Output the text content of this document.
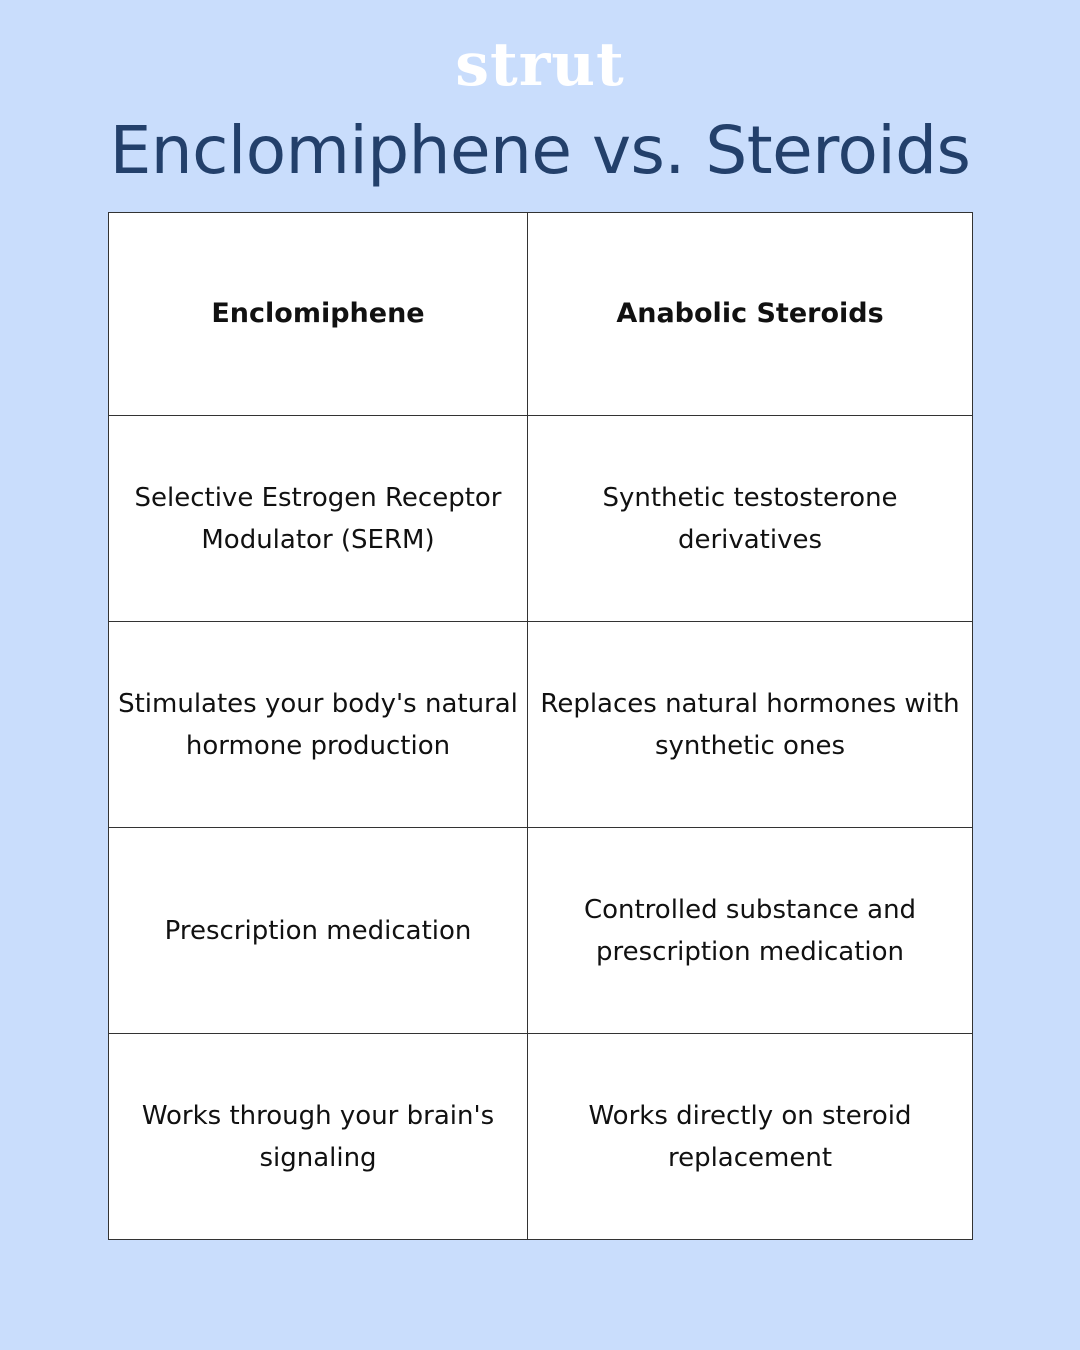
strut
Enclomiphene vs. Steroids
Enclomiphene	Anabolic Steroids
Selective Estrogen Receptor Modulator (SERM)	Synthetic testosterone derivatives
Stimulates your body's natural hormone production	Replaces natural hormones with synthetic ones
Prescription medication	Controlled substance and prescription medication
Works through your brain's signaling	Works directly on steroid replacement
